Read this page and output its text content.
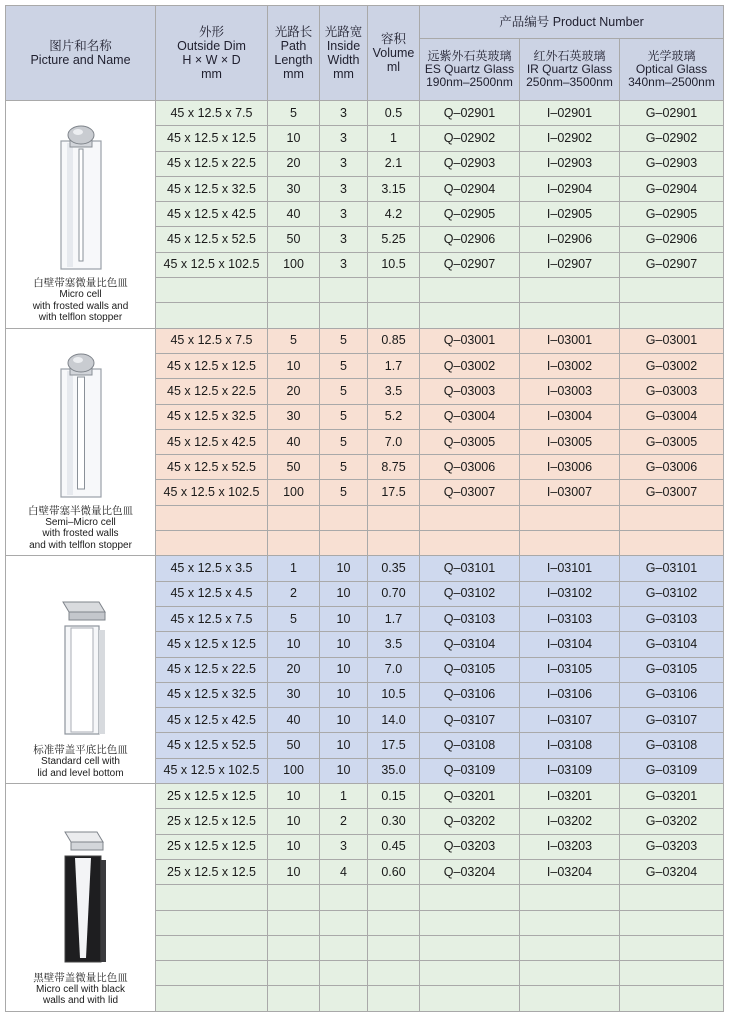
图片和名称
Picture and Name	外形
Outside Dim
H × W × D
mm	光路长
Path
Length
mm	光路宽
Inside
Width
mm	容积
Volume
ml	产品编号 Product Number		

					远紫外石英玻璃
ES Quartz Glass
190nm–2500nm	红外石英玻璃
IR Quartz Glass
250nm–3500nm	光学玻璃
Optical Glass
340nm–2500nm

白壁带塞微量比色皿
Micro cell
with frosted walls and
with telflon stopper	45 x 12.5 x 7.5	5	3	0.5	Q–02901	I–02901	G–02901
	45 x 12.5 x 12.5	10	3	1	Q–02902	I–02902	G–02902
	45 x 12.5 x 22.5	20	3	2.1	Q–02903	I–02903	G–02903
	45 x 12.5 x 32.5	30	3	3.15	Q–02904	I–02904	G–02904
	45 x 12.5 x 42.5	40	3	4.2	Q–02905	I–02905	G–02905
	45 x 12.5 x 52.5	50	3	5.25	Q–02906	I–02906	G–02906
	45 x 12.5 x 102.5	100	3	10.5	Q–02907	I–02907	G–02907

白壁带塞半微量比色皿
Semi–Micro cell
with frosted walls
and with telflon stopper	45 x 12.5 x 7.5	5	5	0.85	Q–03001	I–03001	G–03001
	45 x 12.5 x 12.5	10	5	1.7	Q–03002	I–03002	G–03002
	45 x 12.5 x 22.5	20	5	3.5	Q–03003	I–03003	G–03003
	45 x 12.5 x 32.5	30	5	5.2	Q–03004	I–03004	G–03004
	45 x 12.5 x 42.5	40	5	7.0	Q–03005	I–03005	G–03005
	45 x 12.5 x 52.5	50	5	8.75	Q–03006	I–03006	G–03006
	45 x 12.5 x 102.5	100	5	17.5	Q–03007	I–03007	G–03007

标准带盖平底比色皿
Standard cell with
lid and level bottom	45 x 12.5 x 3.5	1	10	0.35	Q–03101	I–03101	G–03101
	45 x 12.5 x 4.5	2	10	0.70	Q–03102	I–03102	G–03102
	45 x 12.5 x 7.5	5	10	1.7	Q–03103	I–03103	G–03103
	45 x 12.5 x 12.5	10	10	3.5	Q–03104	I–03104	G–03104
	45 x 12.5 x 22.5	20	10	7.0	Q–03105	I–03105	G–03105
	45 x 12.5 x 32.5	30	10	10.5	Q–03106	I–03106	G–03106
	45 x 12.5 x 42.5	40	10	14.0	Q–03107	I–03107	G–03107
	45 x 12.5 x 52.5	50	10	17.5	Q–03108	I–03108	G–03108
	45 x 12.5 x 102.5	100	10	35.0	Q–03109	I–03109	G–03109

黑壁带盖微量比色皿
Micro cell with black
walls and with lid	25 x 12.5 x 12.5	10	1	0.15	Q–03201	I–03201	G–03201
	25 x 12.5 x 12.5	10	2	0.30	Q–03202	I–03202	G–03202
	25 x 12.5 x 12.5	10	3	0.45	Q–03203	I–03203	G–03203
	25 x 12.5 x 12.5	10	4	0.60	Q–03204	I–03204	G–03204
